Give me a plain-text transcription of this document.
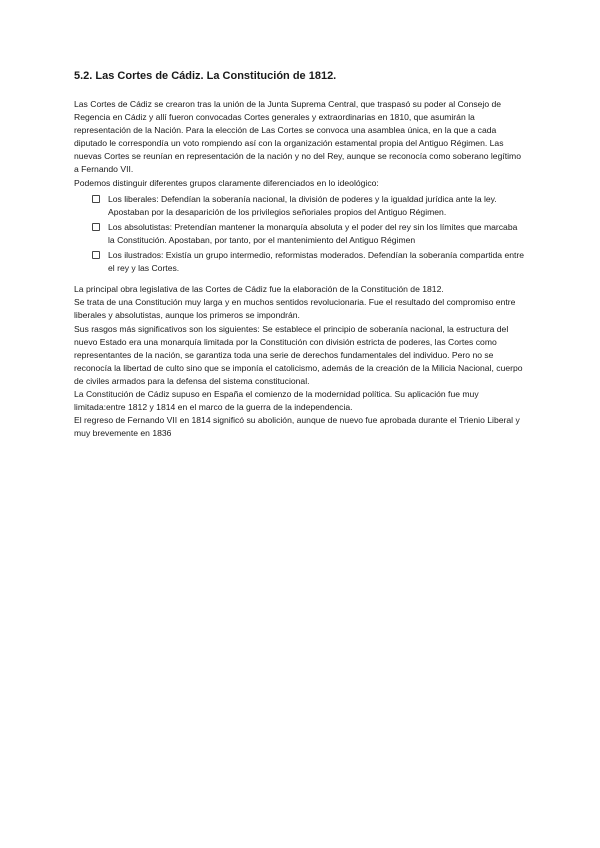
5.2. Las Cortes de Cádiz. La Constitución de 1812.

Las Cortes de Cádiz se crearon tras la unión de la Junta Suprema Central, que traspasó su poder al Consejo de Regencia en Cádiz y allí fueron convocadas Cortes generales y extraordinarias en 1810, que asumirán la representación de la Nación. Para la elección de Las Cortes se convoca una asamblea única, en la que a cada diputado le correspondía un voto rompiendo así con la organización estamental propia del Antiguo Régimen. Las nuevas Cortes se reunían en representación de la nación y no del Rey, aunque se reconocía como soberano legítimo a Fernando VII.

Podemos distinguir diferentes grupos claramente diferenciados en lo ideológico:

Los liberales: Defendían la soberanía nacional, la división de poderes y la igualdad jurídica ante la ley. Apostaban por la desaparición de los privilegios señoriales propios del Antiguo Régimen.
Los absolutistas: Pretendían mantener la monarquía absoluta y el poder del rey sin los límites que marcaba la Constitución. Apostaban, por tanto, por el mantenimiento del Antiguo Régimen
Los ilustrados: Existía un grupo intermedio, reformistas moderados. Defendían la soberanía compartida entre el rey y las Cortes.

La principal obra legislativa de las Cortes de Cádiz fue la elaboración de la Constitución de 1812.

Se trata de una Constitución muy larga y en muchos sentidos revolucionaria. Fue el resultado del compromiso entre liberales y absolutistas, aunque los primeros se impondrán.

Sus rasgos más significativos son los siguientes: Se establece el principio de soberanía nacional, la estructura del nuevo Estado era una monarquía limitada por la Constitución con división estricta de poderes, las Cortes como representantes de la nación, se garantiza toda una serie de derechos fundamentales del individuo. Pero no se reconocía la libertad de culto sino que se imponía el catolicismo, además de la creación de la Milicia Nacional, cuerpo de civiles armados para la defensa del sistema constitucional.

La Constitución de Cádiz supuso en España el comienzo de la modernidad política. Su aplicación fue muy limitada:entre 1812 y 1814 en el marco de la guerra de la independencia.

El regreso de Fernando VII en 1814 significó su abolición, aunque de nuevo fue aprobada durante el Trienio Liberal y muy brevemente en 1836
